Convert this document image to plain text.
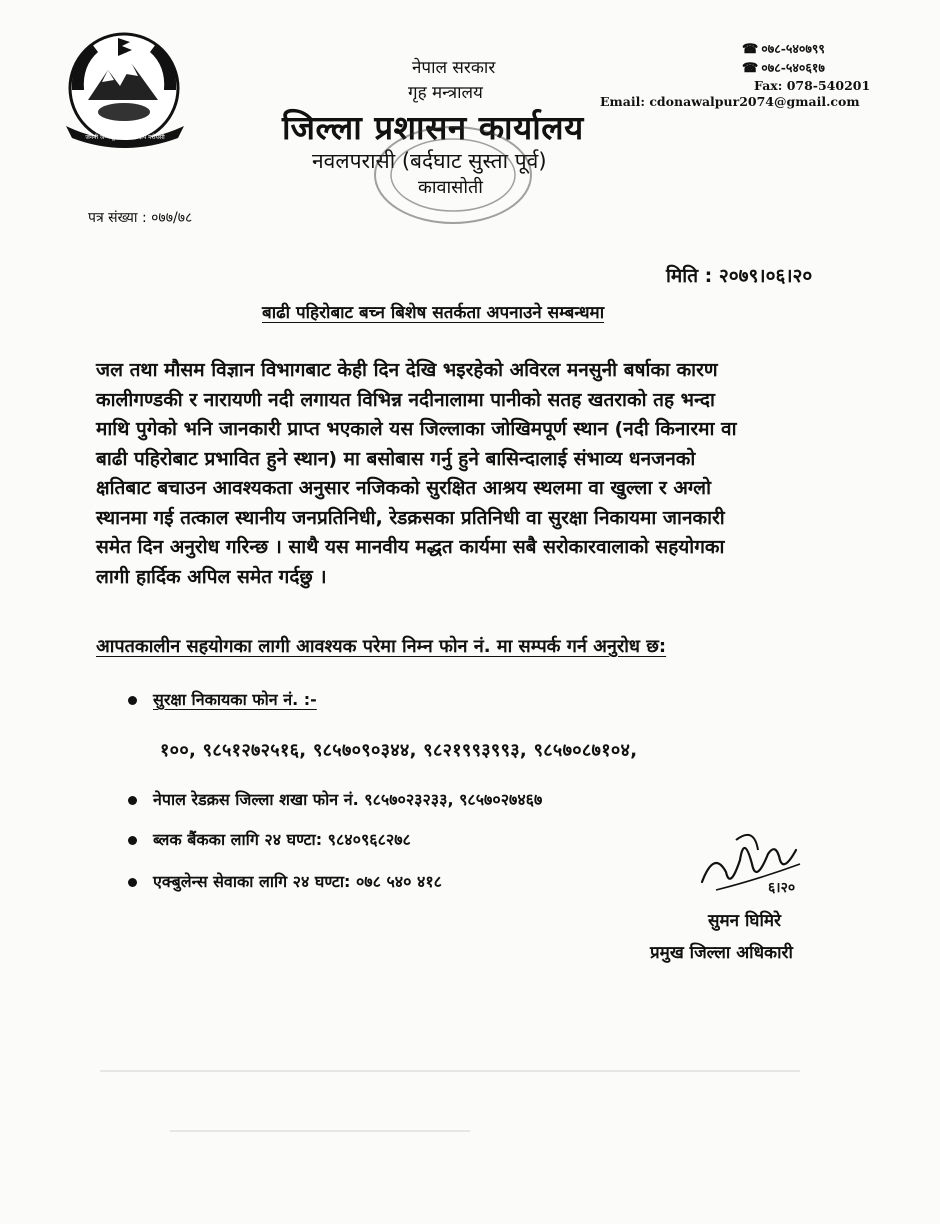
जननी जन्मभूमिश्च स्वर्गादपि गरीयसी
नेपाल सरकार
गृह मन्त्रालय
जिल्ला प्रशासन कार्यालय
नवलपरासी (बर्दघाट सुस्ता पूर्व)
कावासोती
☎ ०७८-५४०७९९
☎ ०७८-५४०६१७
Fax: 078-540201
Email: cdonawalpur2074@gmail.com
पत्र संख्या : ०७७/७८
मिति : २०७९।०६।२०
बाढी पहिरोबाट बच्न बिशेष सतर्कता अपनाउने सम्बन्धमा
जल तथा मौसम विज्ञान विभागबाट केही दिन देखि भइरहेको अविरल मनसुनी बर्षाका कारण
कालीगण्डकी र नारायणी नदी लगायत विभिन्न नदीनालामा पानीको सतह खतराको तह भन्दा
माथि पुगेको भनि जानकारी प्राप्त भएकाले यस जिल्लाका जोखिमपूर्ण स्थान (नदी किनारमा वा
बाढी पहिरोबाट प्रभावित हुने स्थान) मा बसोबास गर्नु हुने बासिन्दालाई संभाव्य धनजनको
क्षतिबाट बचाउन आवश्यकता अनुसार नजिकको सुरक्षित आश्रय स्थलमा वा खुल्ला र अग्लो
स्थानमा गई तत्काल स्थानीय जनप्रतिनिधी, रेडक्रसका प्रतिनिधी वा सुरक्षा निकायमा जानकारी
समेत दिन अनुरोध गरिन्छ । साथै यस मानवीय मद्धत कार्यमा सबै सरोकारवालाको सहयोगका
लागी हार्दिक अपिल समेत गर्दछु ।
आपतकालीन सहयोगका लागी आवश्यक परेमा निम्न फोन नं. मा सम्पर्क गर्न अनुरोध छ:
सुरक्षा निकायका फोन नं. :-
१००, ९८५१२७२५१६, ९८५७०९०३४४, ९८२१९९३९९३, ९८५७०८७१०४,
नेपाल रेडक्रस जिल्ला शखा फोन नं. ९८५७०२३२३३, ९८५७०२७४६७
ब्लक बैंकका लागि २४ घण्टा: ९८४०९६८२७८
एक्बुलेन्स सेवाका लागि २४ घण्टा: ०७८ ५४० ४१८	६।२०
सुमन घिमिरे
प्रमुख जिल्ला अधिकारी
